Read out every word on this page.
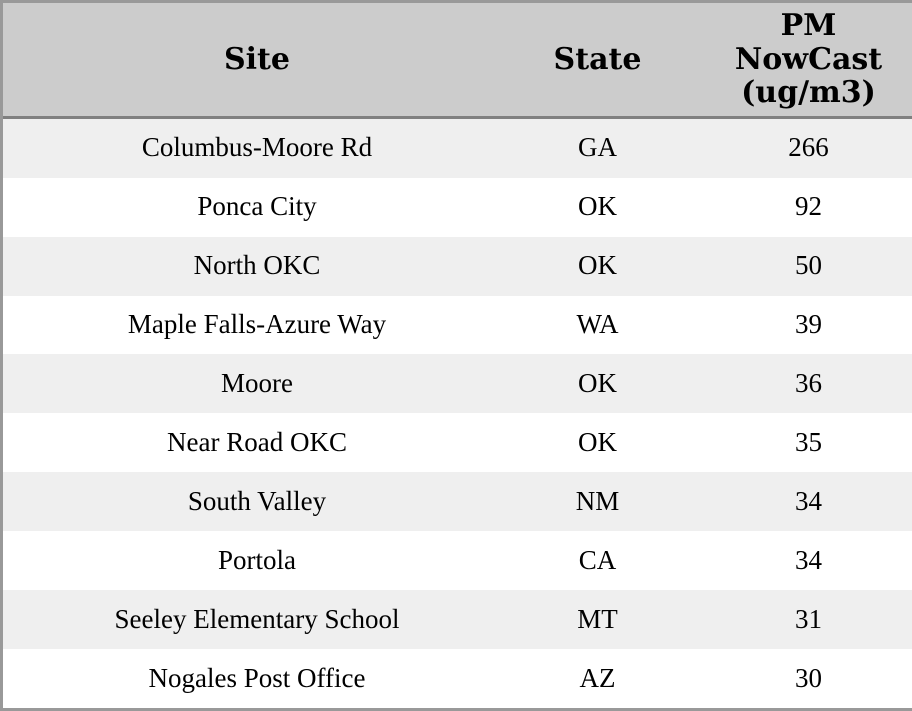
Site	State	PM
NowCast
(ug/m3)

Columbus-Moore Rd	GA	266
Ponca City	OK	92
North OKC	OK	50
Maple Falls-Azure Way	WA	39
Moore	OK	36
Near Road OKC	OK	35
South Valley	NM	34
Portola	CA	34
Seeley Elementary School	MT	31
Nogales Post Office	AZ	30
